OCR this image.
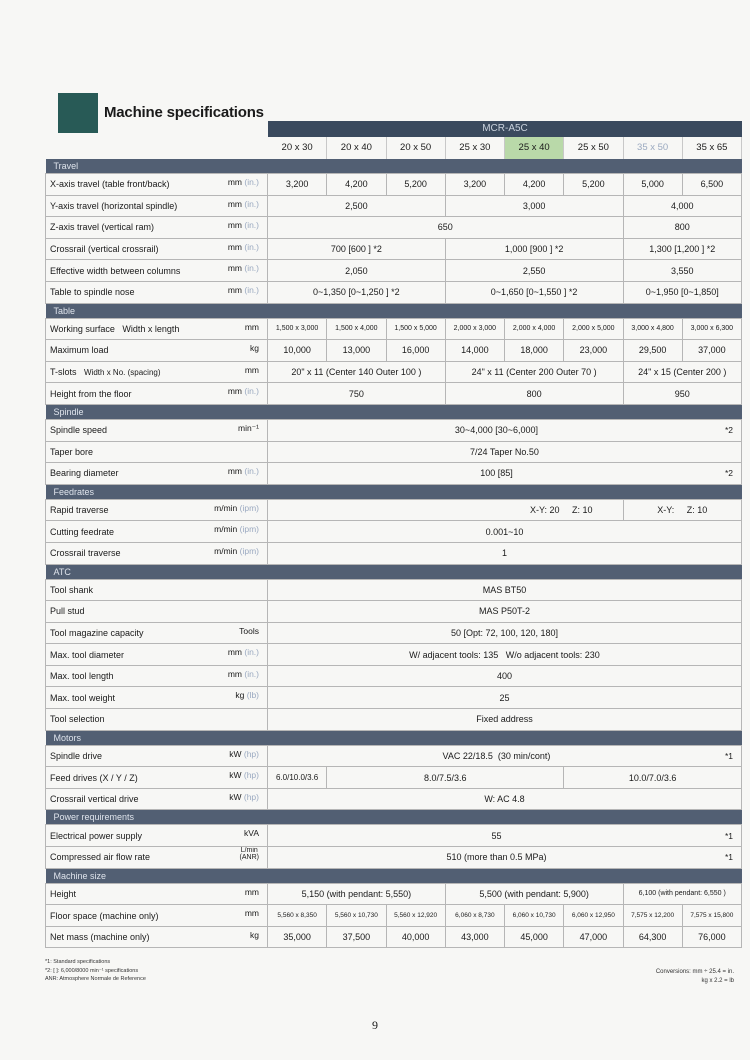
Machine specifications
MCR-A5C
20 x 30	20 x 40	20 x 50	25 x 30	25 x 40	25 x 50	35 x 50	35 x 65
Travel								
X-axis travel (table front/back) mm (in.)	3,200	4,200	5,200	3,200	4,200	5,200	5,000	6,500
Y-axis travel (horizontal spindle) mm (in.)	2,500			3,000			4,000	
Z-axis travel (vertical ram) mm (in.)	650						800	
Crossrail (vertical crossrail) mm (in.)	700 [600 ] *2			1,000 [900 ] *2			1,300 [1,200 ] *2	
Effective width between columns mm (in.)	2,050			2,550			3,550	
Table to spindle nose mm (in.)	0~1,350 [0~1,250 ] *2			0~1,650 [0~1,550 ] *2			0~1,950 [0~1,850]	
Table								
Working surface Width x length mm	1,500 x 3,000	1,500 x 4,000	1,500 x 5,000	2,000 x 3,000	2,000 x 4,000	2,000 x 5,000	3,000 x 4,800	3,000 x 6,300
Maximum load kg	10,000	13,000	16,000	14,000	18,000	23,000	29,500	37,000
T-slots Width x No. (spacing) mm	20" x 11 (Center 140 Outer 100 )			24" x 11 (Center 200 Outer 70 )			24" x 15 (Center 200 )	
Height from the floor mm (in.)	750			800			950	
Spindle								
Spindle speed min⁻¹	30~4,000 [30~6,000] *2							

Taper bore	7/24 Taper No.50							
Bearing diameter mm (in.)	100 [85] *2							

Feedrates								
Rapid traverse m/min (ipm)	X-Y: 20 Z: 10						X-Y: Z: 10	
Cutting feedrate m/min (ipm)	0.001~10							
Crossrail traverse m/min (ipm)	1							
ATC								
Tool shank	MAS BT50							
Pull stud	MAS P50T-2							
Tool magazine capacity Tools	50 [Opt: 72, 100, 120, 180]							
Max. tool diameter mm (in.)	W/ adjacent tools: 135 W/o adjacent tools: 230							
Max. tool length mm (in.)	400							
Max. tool weight kg (lb)	25							
Tool selection	Fixed address							
Motors								
Spindle drive kW (hp)	VAC 22/18.5 (30 min/cont) *1							

Feed drives (X / Y / Z) kW (hp)	6.0/10.0/3.6	8.0/7.5/3.6				10.0/7.0/3.6		
Crossrail vertical drive kW (hp)	W: AC 4.8							
Power requirements								
Electrical power supply kVA	55 *1							

Compressed air flow rate
L/min
(ANR)	510 (more than 0.5 MPa) *1							

Machine size								
Height mm	5,150 (with pendant: 5,550)			5,500 (with pendant: 5,900)			6,100 (with pendant: 6,550 )	
Floor space (machine only) mm	5,560 x 8,350	5,560 x 10,730	5,560 x 12,920	6,060 x 8,730	6,060 x 10,730	6,060 x 12,950	7,575 x 12,200	7,575 x 15,800
Net mass (machine only) kg	35,000	37,500	40,000	43,000	45,000	47,000	64,300	76,000
*1: Standard specifications
*2: [ ]: 6,000/8000 min⁻¹ specifications
ANR: Atmosphere Normale de Reference
Conversions: mm ÷ 25.4 = in.
kg x 2.2 = lb
9
